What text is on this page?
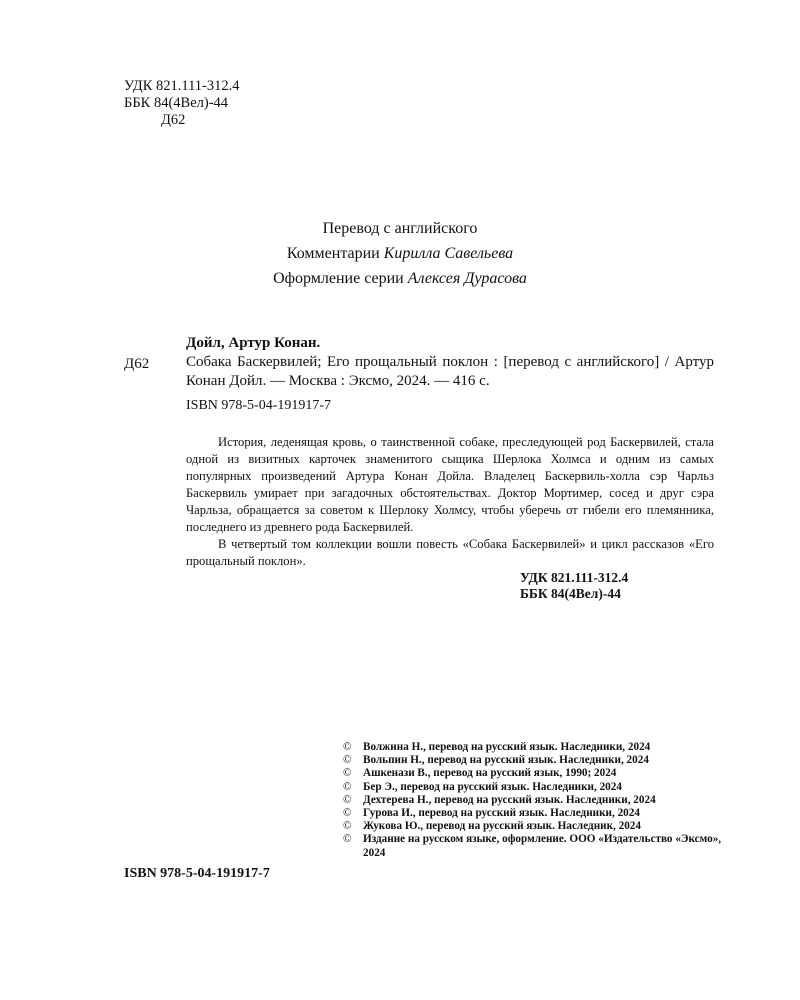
УДК 821.111-312.4
ББК 84(4Вел)-44
Д62
Перевод с английского
Комментарии Кирилла Савельева
Оформление серии Алексея Дурасова
Д62
Дойл, Артур Конан.
Собака Баскервилей; Его прощальный поклон : [перевод с английского] / Артур Конан Дойл. — Москва : Эксмо, 2024. — 416 с.
ISBN 978-5-04-191917-7

История, леденящая кровь, о таинственной собаке, преследующей род Баскервилей, стала одной из визитных карточек знаменитого сыщика Шерлока Холмса и одним из самых популярных произведений Артура Конан Дойла. Владелец Баскервиль-холла сэр Чарльз Баскервиль умирает при загадочных обстоятельствах. Доктор Мортимер, сосед и друг сэра Чарльза, обращается за советом к Шерлоку Холмсу, чтобы уберечь от гибели его племянника, последнего из древнего рода Баскервилей.

В четвертый том коллекции вошли повесть «Собака Баскервилей» и цикл рассказов «Его прощальный поклон».

УДК 821.111-312.4
ББК 84(4Вел)-44
©	Волжина Н., перевод на русский язык. Наследники, 2024
©	Вольпин Н., перевод на русский язык. Наследники, 2024
©	Ашкенази В., перевод на русский язык, 1990; 2024
©	Бер Э., перевод на русский язык. Наследники, 2024
©	Дехтерева Н., перевод на русский язык. Наследники, 2024
©	Гурова И., перевод на русский язык. Наследники, 2024
©	Жукова Ю., перевод на русский язык. Наследник, 2024
©	Издание на русском языке, оформление. ООО «Издательство «Эксмо», 2024
ISBN 978-5-04-191917-7
